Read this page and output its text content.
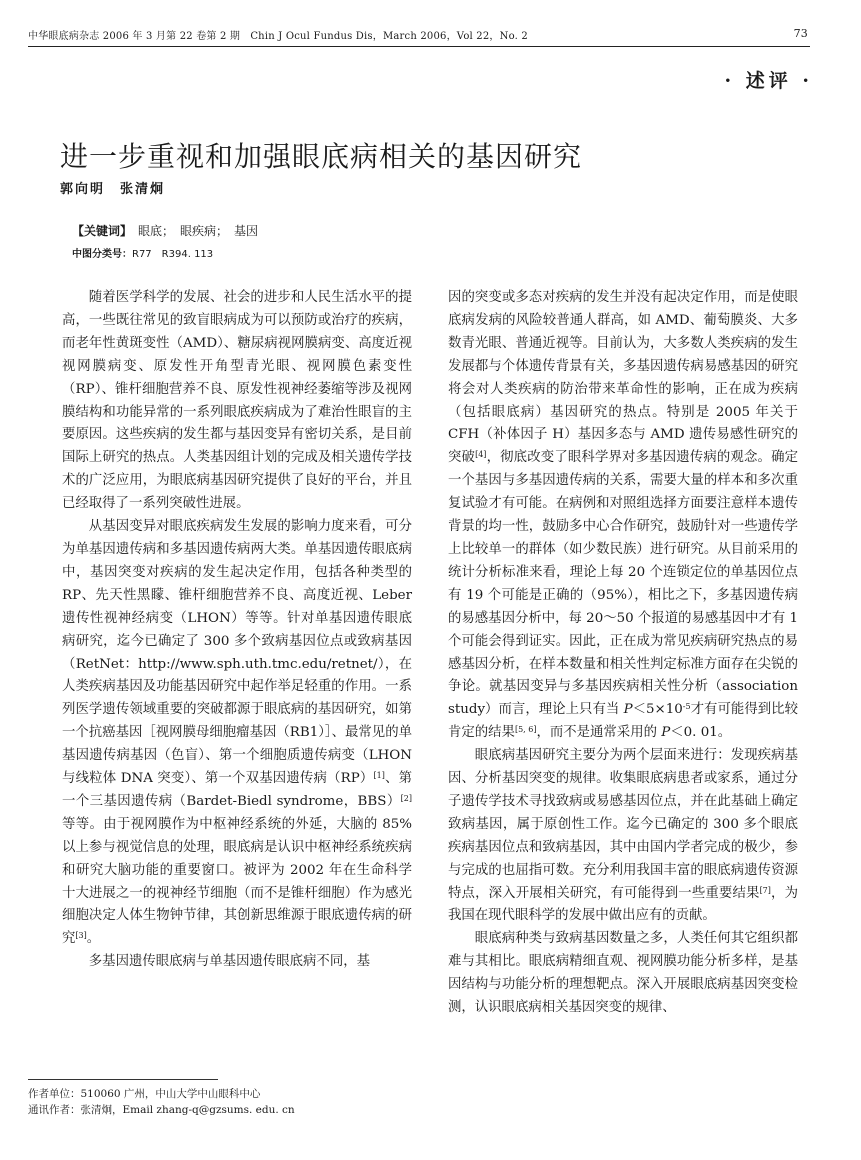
中华眼底病杂志 2006 年 3 月第 22 卷第 2 期　Chin J Ocul Fundus Dis，March 2006，Vol 22，No. 2	73
· 述评 ·
进一步重视和加强眼底病相关的基因研究
郭向明　张清炯
【关键词】 眼底；　眼疾病；　基因
中图分类号：R77　R394. 113

随着医学科学的发展、社会的进步和人民生活水平的提高，一些既往常见的致盲眼病成为可以预防或治疗的疾病，而老年性黄斑变性（AMD）、糖尿病视网膜病变、高度近视视网膜病变、原发性开角型青光眼、视网膜色素变性（RP）、锥杆细胞营养不良、原发性视神经萎缩等涉及视网膜结构和功能异常的一系列眼底疾病成为了难治性眼盲的主要原因。这些疾病的发生都与基因变异有密切关系，是目前国际上研究的热点。人类基因组计划的完成及相关遗传学技术的广泛应用，为眼底病基因研究提供了良好的平台，并且已经取得了一系列突破性进展。

从基因变异对眼底疾病发生发展的影响力度来看，可分为单基因遗传病和多基因遗传病两大类。单基因遗传眼底病中，基因突变对疾病的发生起决定作用，包括各种类型的 RP、先天性黑矇、锥杆细胞营养不良、高度近视、Leber 遗传性视神经病变（LHON）等等。针对单基因遗传眼底病研究，迄今已确定了 300 多个致病基因位点或致病基因（RetNet：http://www.sph.uth.tmc.edu/retnet/），在人类疾病基因及功能基因研究中起作举足轻重的作用。一系列医学遗传领域重要的突破都源于眼底病的基因研究，如第一个抗癌基因［视网膜母细胞瘤基因（RB1）］、最常见的单基因遗传病基因（色盲）、第一个细胞质遗传病变（LHON 与线粒体 DNA 突变）、第一个双基因遗传病（RP）[1]、第一个三基因遗传病（Bardet-Biedl syndrome，BBS）[2]等等。由于视网膜作为中枢神经系统的外延，大脑的 85% 以上参与视觉信息的处理，眼底病是认识中枢神经系统疾病和研究大脑功能的重要窗口。被评为 2002 年在生命科学十大进展之一的视神经节细胞（而不是锥杆细胞）作为感光细胞决定人体生物钟节律，其创新思维源于眼底遗传病的研究[3]。

多基因遗传眼底病与单基因遗传眼底病不同，基

因的突变或多态对疾病的发生并没有起决定作用，而是使眼底病发病的风险较普通人群高，如 AMD、葡萄膜炎、大多数青光眼、普通近视等。目前认为，大多数人类疾病的发生发展都与个体遗传背景有关，多基因遗传病易感基因的研究将会对人类疾病的防治带来革命性的影响，正在成为疾病（包括眼底病）基因研究的热点。特别是 2005 年关于 CFH（补体因子 H）基因多态与 AMD 遗传易感性研究的突破[4]，彻底改变了眼科学界对多基因遗传病的观念。确定一个基因与多基因遗传病的关系，需要大量的样本和多次重复试验才有可能。在病例和对照组选择方面要注意样本遗传背景的均一性，鼓励多中心合作研究，鼓励针对一些遗传学上比较单一的群体（如少数民族）进行研究。从目前采用的统计分析标准来看，理论上每 20 个连锁定位的单基因位点有 19 个可能是正确的（95%），相比之下，多基因遗传病的易感基因分析中，每 20～50 个报道的易感基因中才有 1 个可能会得到证实。因此，正在成为常见疾病研究热点的易感基因分析，在样本数量和相关性判定标准方面存在尖锐的争论。就基因变异与多基因疾病相关性分析（association study）而言，理论上只有当 $P<5\times 10^{-5}$才有可能得到比较肯定的结果[5, 6]，而不是通常采用的 P＜0. 01。

眼底病基因研究主要分为两个层面来进行：发现疾病基因、分析基因突变的规律。收集眼底病患者或家系，通过分子遗传学技术寻找致病或易感基因位点，并在此基础上确定致病基因，属于原创性工作。迄今已确定的 300 多个眼底疾病基因位点和致病基因，其中由国内学者完成的极少，参与完成的也屈指可数。充分利用我国丰富的眼底病遗传资源特点，深入开展相关研究，有可能得到一些重要结果[7]，为我国在现代眼科学的发展中做出应有的贡献。

眼底病种类与致病基因数量之多，人类任何其它组织都难与其相比。眼底病精细直观、视网膜功能分析多样，是基因结构与功能分析的理想靶点。深入开展眼底病基因突变检测，认识眼底病相关基因突变的规律、

作者单位：510060 广州，中山大学中山眼科中心
通讯作者：张清炯，Email zhang-q@gzsums. edu. cn
